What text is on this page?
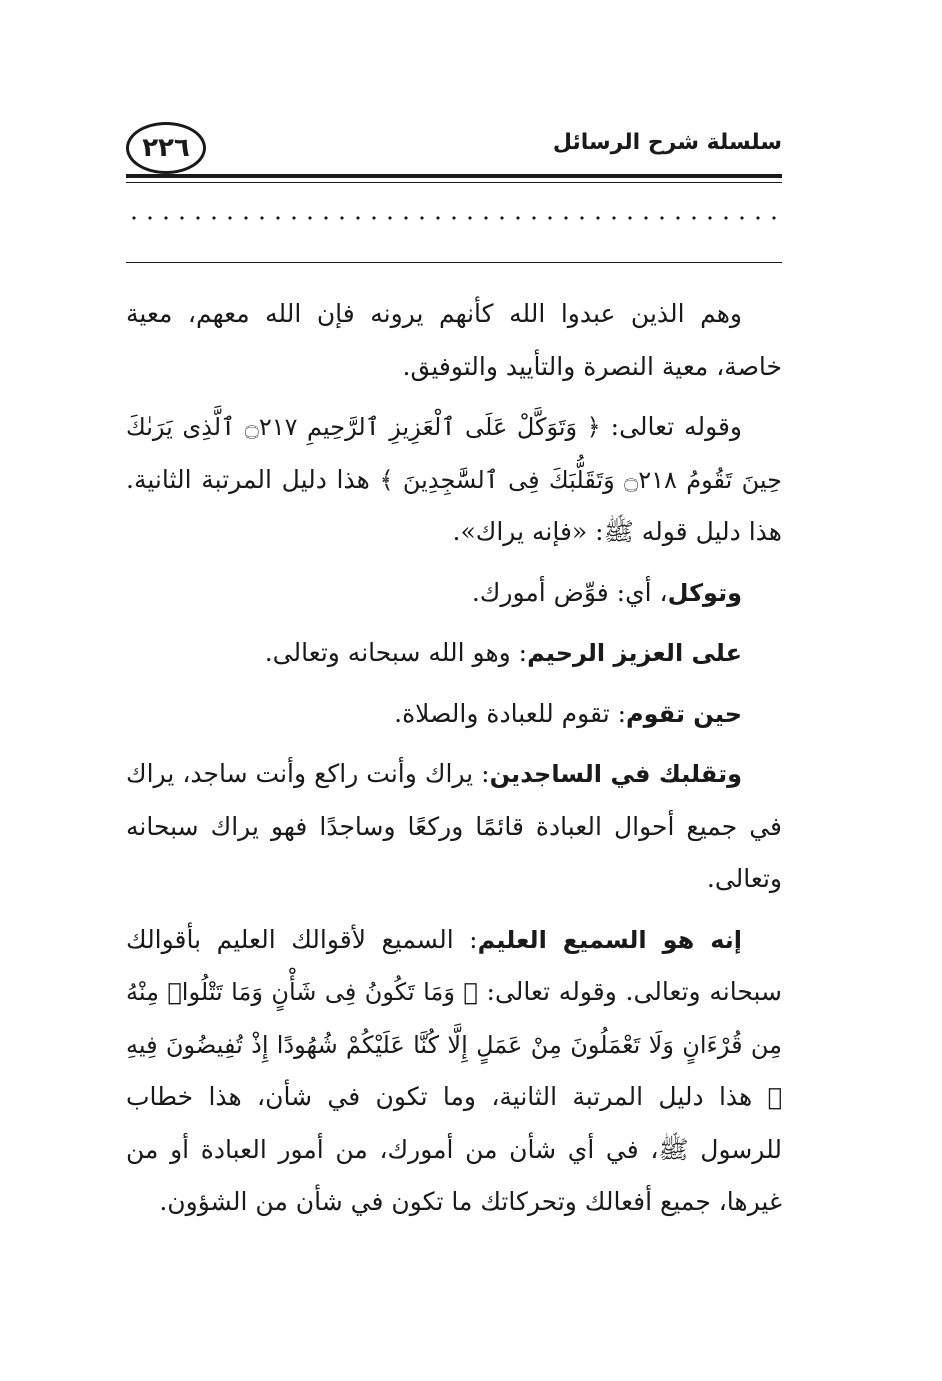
٢٢٦	سلسلة شرح الرسائل

وهم الذين عبدوا الله كأنهم يرونه فإن الله معهم، معية خاصة، معية النصرة والتأييد والتوفيق.

وقوله تعالى: ﴿ وَتَوَكَّلْ عَلَى ٱلْعَزِيزِ ٱلرَّحِيمِ ۝٢١٧ ٱلَّذِى يَرَىٰكَ حِينَ تَقُومُ ۝٢١٨ وَتَقَلُّبَكَ فِى ٱلسَّٰجِدِينَ ﴾ هذا دليل المرتبة الثانية. هذا دليل قوله ﷺ: «فإنه يراك».

وتوكل، أي: فوِّض أمورك.

على العزيز الرحيم: وهو الله سبحانه وتعالى.

حين تقوم: تقوم للعبادة والصلاة.

وتقلبك في الساجدين: يراك وأنت راكع وأنت ساجد، يراك في جميع أحوال العبادة قائمًا وركعًا وساجدًا فهو يراك سبحانه وتعالى.

إنه هو السميع العليم: السميع لأقوالك العليم بأقوالك سبحانه وتعالى. وقوله تعالى: ﴿ وَمَا تَكُونُ فِى شَأْنٍ وَمَا تَتْلُوا۟ مِنْهُ مِن قُرْءَانٍ وَلَا تَعْمَلُونَ مِنْ عَمَلٍ إِلَّا كُنَّا عَلَيْكُمْ شُهُودًا إِذْ تُفِيضُونَ فِيهِ ﴾ هذا دليل المرتبة الثانية، وما تكون في شأن، هذا خطاب للرسول ﷺ، في أي شأن من أمورك، من أمور العبادة أو من غيرها، جميع أفعالك وتحركاتك ما تكون في شأن من الشؤون.
